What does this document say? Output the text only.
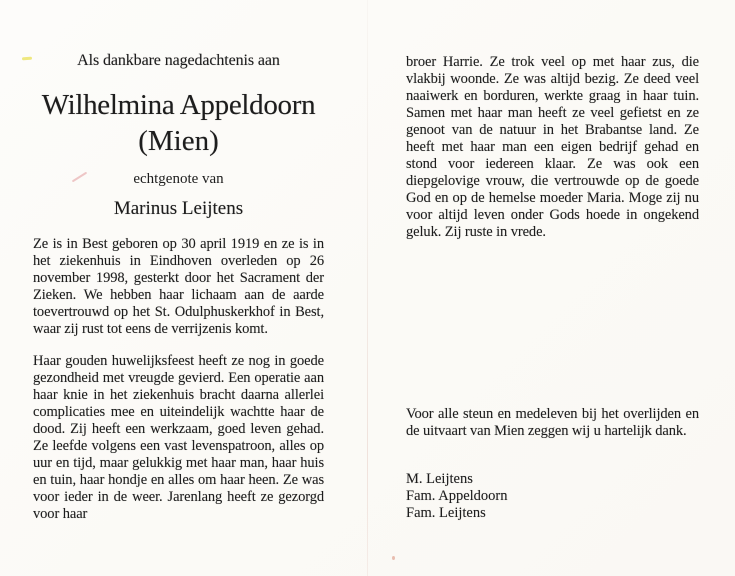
Als dankbare nagedachtenis aan
Wilhelmina Appeldoorn
(Mien)
echtgenote van
Marinus Leijtens
Ze is in Best geboren op 30 april 1919 en ze is in het ziekenhuis in Eindhoven overleden op 26 november 1998, gesterkt door het Sacrament der Zieken. We hebben haar lichaam aan de aarde toevertrouwd op het St. Odulphuskerkhof in Best, waar zij rust tot eens de verrijzenis komt.
Haar gouden huwelijksfeest heeft ze nog in goede gezondheid met vreugde gevierd. Een operatie aan haar knie in het ziekenhuis bracht daarna allerlei complicaties mee en uiteindelijk wachtte haar de dood. Zij heeft een werkzaam, goed leven gehad. Ze leefde volgens een vast levenspatroon, alles op uur en tijd, maar gelukkig met haar man, haar huis en tuin, haar hondje en alles om haar heen. Ze was voor ieder in de weer. Jarenlang heeft ze gezorgd voor haar
broer Harrie. Ze trok veel op met haar zus, die vlakbij woonde. Ze was altijd bezig. Ze deed veel naaiwerk en borduren, werkte graag in haar tuin. Samen met haar man heeft ze veel gefietst en ze genoot van de natuur in het Brabantse land. Ze heeft met haar man een eigen bedrijf gehad en stond voor iedereen klaar. Ze was ook een diepgelovige vrouw, die vertrouwde op de goede God en op de hemelse moeder Maria. Moge zij nu voor altijd leven onder Gods hoede in ongekend geluk. Zij ruste in vrede.
Voor alle steun en medeleven bij het overlijden en de uitvaart van Mien zeggen wij u hartelijk dank.
M. Leijtens
Fam. Appeldoorn
Fam. Leijtens
